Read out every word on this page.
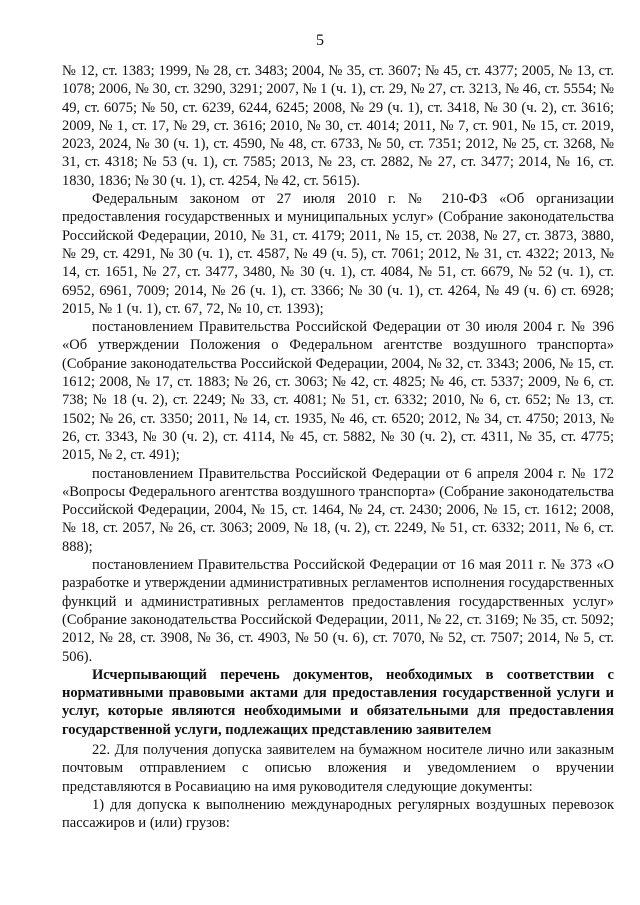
5

№ 12, ст. 1383; 1999, № 28, ст. 3483; 2004, № 35, ст. 3607; № 45, ст. 4377; 2005, № 13, ст. 1078; 2006, № 30, ст. 3290, 3291; 2007, № 1 (ч. 1), ст. 29, № 27, ст. 3213, № 46, ст. 5554; № 49, ст. 6075; № 50, ст. 6239, 6244, 6245; 2008, № 29 (ч. 1), ст. 3418, № 30 (ч. 2), ст. 3616; 2009, № 1, ст. 17, № 29, ст. 3616; 2010, № 30, ст. 4014; 2011, № 7, ст. 901, № 15, ст. 2019, 2023, 2024, № 30 (ч. 1), ст. 4590, № 48, ст. 6733, № 50, ст. 7351; 2012, № 25, ст. 3268, № 31, ст. 4318; № 53 (ч. 1), ст. 7585; 2013, № 23, ст. 2882, № 27, ст. 3477; 2014, № 16, ст. 1830, 1836; № 30 (ч. 1), ст. 4254, № 42, ст. 5615).

Федеральным законом от 27 июля 2010 г. № 210-ФЗ «Об организации предоставления государственных и муниципальных услуг» (Собрание законодательства Российской Федерации, 2010, № 31, ст. 4179; 2011, № 15, ст. 2038, № 27, ст. 3873, 3880, № 29, ст. 4291, № 30 (ч. 1), ст. 4587, № 49 (ч. 5), ст. 7061; 2012, № 31, ст. 4322; 2013, № 14, ст. 1651, № 27, ст. 3477, 3480, № 30 (ч. 1), ст. 4084, № 51, ст. 6679, № 52 (ч. 1), ст. 6952, 6961, 7009; 2014, № 26 (ч. 1), ст. 3366; № 30 (ч. 1), ст. 4264, № 49 (ч. 6) ст. 6928; 2015, № 1 (ч. 1), ст. 67, 72, № 10, ст. 1393);

постановлением Правительства Российской Федерации от 30 июля 2004 г. № 396 «Об утверждении Положения о Федеральном агентстве воздушного транспорта» (Собрание законодательства Российской Федерации, 2004, № 32, ст. 3343; 2006, № 15, ст. 1612; 2008, № 17, ст. 1883; № 26, ст. 3063; № 42, ст. 4825; № 46, ст. 5337; 2009, № 6, ст. 738; № 18 (ч. 2), ст. 2249; № 33, ст. 4081; № 51, ст. 6332; 2010, № 6, ст. 652; № 13, ст. 1502; № 26, ст. 3350; 2011, № 14, ст. 1935, № 46, ст. 6520; 2012, № 34, ст. 4750; 2013, № 26, ст. 3343, № 30 (ч. 2), ст. 4114, № 45, ст. 5882, № 30 (ч. 2), ст. 4311, № 35, ст. 4775; 2015, № 2, ст. 491);

постановлением Правительства Российской Федерации от 6 апреля 2004 г. № 172 «Вопросы Федерального агентства воздушного транспорта» (Собрание законодательства Российской Федерации, 2004, № 15, ст. 1464, № 24, ст. 2430; 2006, № 15, ст. 1612; 2008, № 18, ст. 2057, № 26, ст. 3063; 2009, № 18, (ч. 2), ст. 2249, № 51, ст. 6332; 2011, № 6, ст. 888);

постановлением Правительства Российской Федерации от 16 мая 2011 г. № 373 «О разработке и утверждении административных регламентов исполнения государственных функций и административных регламентов предоставления государственных услуг» (Собрание законодательства Российской Федерации, 2011, № 22, ст. 3169; № 35, ст. 5092; 2012, № 28, ст. 3908, № 36, ст. 4903, № 50 (ч. 6), ст. 7070, № 52, ст. 7507; 2014, № 5, ст. 506).

Исчерпывающий перечень документов, необходимых в соответствии с нормативными правовыми актами для предоставления государственной услуги и услуг, которые являются необходимыми и обязательными для предоставления государственной услуги, подлежащих представлению заявителем

22. Для получения допуска заявителем на бумажном носителе лично или заказным почтовым отправлением с описью вложения и уведомлением о вручении представляются в Росавиацию на имя руководителя следующие документы:

1) для допуска к выполнению международных регулярных воздушных перевозок пассажиров и (или) грузов:
